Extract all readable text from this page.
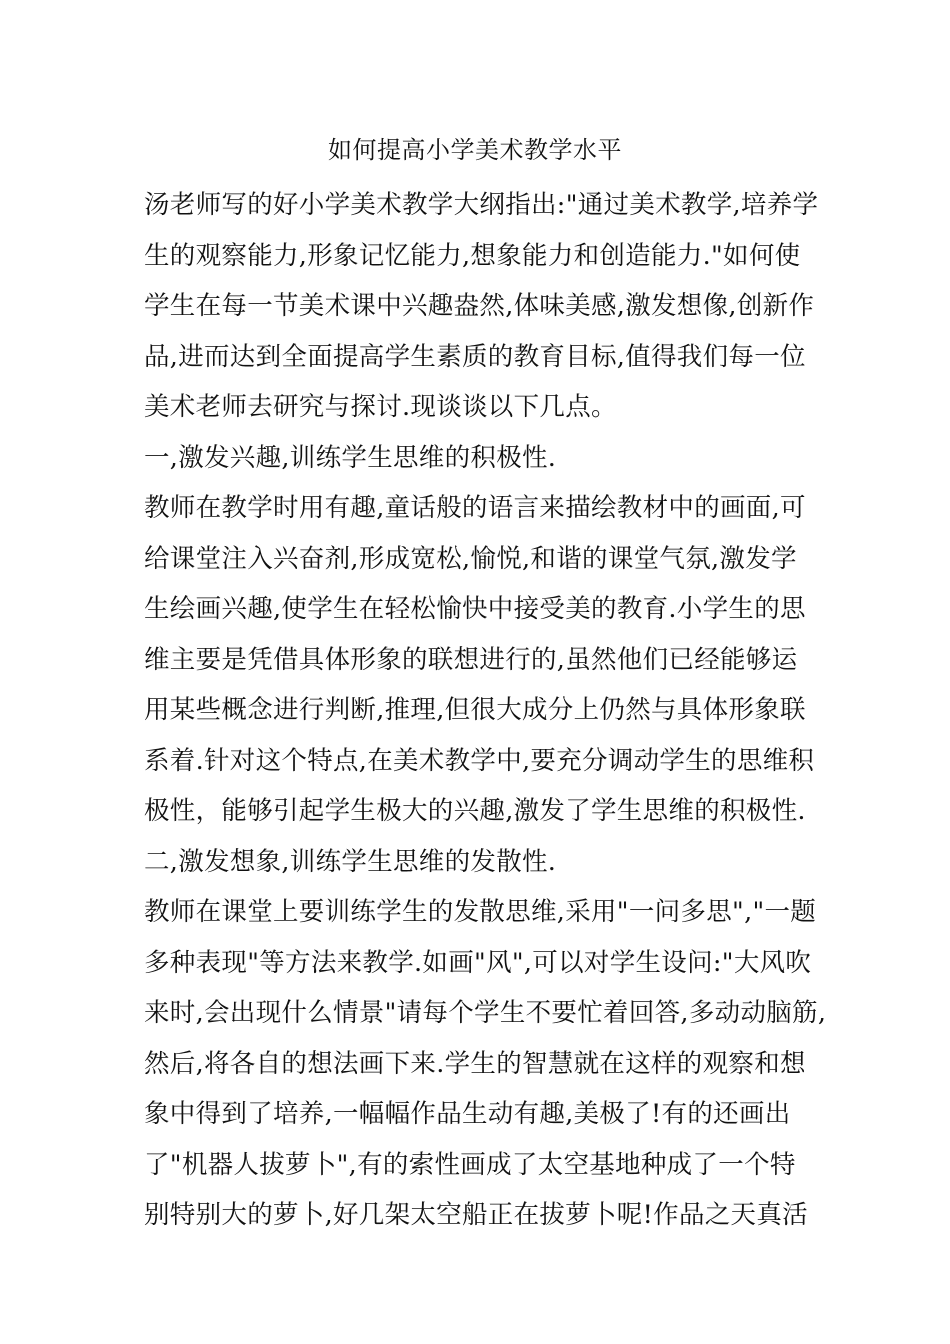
如何提高小学美术教学水平
汤老师写的好小学美术教学大纲指出:"通过美术教学,培养学
生的观察能力,形象记忆能力,想象能力和创造能力."如何使
学生在每一节美术课中兴趣盎然,体味美感,激发想像,创新作
品,进而达到全面提高学生素质的教育目标,值得我们每一位
美术老师去研究与探讨.现谈谈以下几点。
一,激发兴趣,训练学生思维的积极性.
教师在教学时用有趣,童话般的语言来描绘教材中的画面,可
给课堂注入兴奋剂,形成宽松,愉悦,和谐的课堂气氛,激发学
生绘画兴趣,使学生在轻松愉快中接受美的教育.小学生的思
维主要是凭借具体形象的联想进行的,虽然他们已经能够运
用某些概念进行判断,推理,但很大成分上仍然与具体形象联
系着.针对这个特点,在美术教学中,要充分调动学生的思维积
极性，能够引起学生极大的兴趣,激发了学生思维的积极性.
二,激发想象,训练学生思维的发散性.
教师在课堂上要训练学生的发散思维,采用"一问多思","一题
多种表现"等方法来教学.如画"风",可以对学生设问:"大风吹
来时,会出现什么情景"请每个学生不要忙着回答,多动动脑筋,
然后,将各自的想法画下来.学生的智慧就在这样的观察和想
象中得到了培养,一幅幅作品生动有趣,美极了!有的还画出
了"机器人拔萝卜",有的索性画成了太空基地种成了一个特
别特别大的萝卜,好几架太空船正在拔萝卜呢!作品之天真活
